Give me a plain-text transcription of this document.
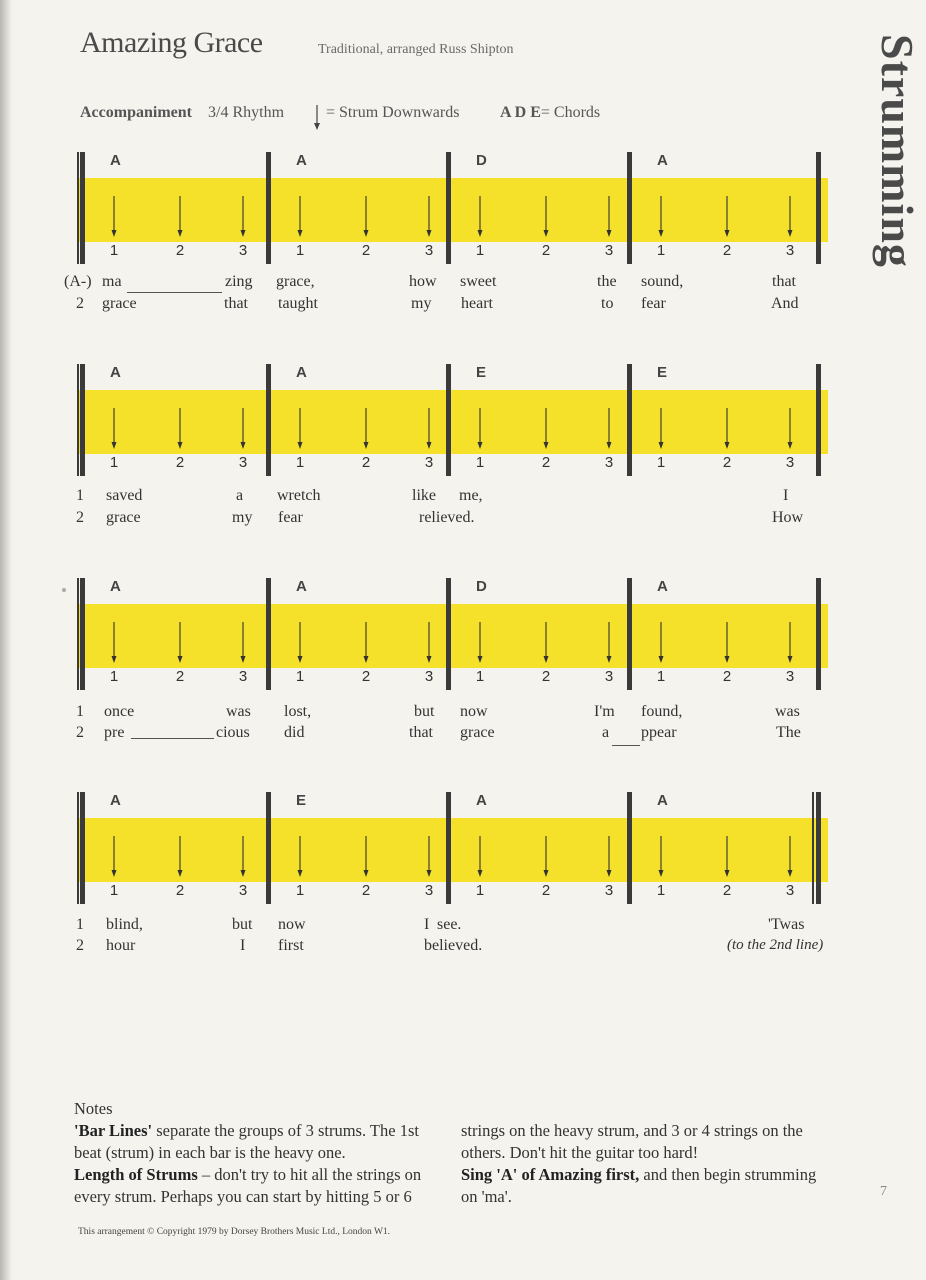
Amazing Grace	Traditional, arranged Russ Shipton	Strumming
Accompaniment 3/4 Rhythm	= Strum Downwards	A D E= Chords
A
1	2	3
A
1	2	3
D
1	2	3
A
1	2	3
(A-) ma	zing grace,	how sweet	the sound,	that
2 grace	that taught	my heart	to fear	And
A
1	2	3
A
1	2	3
E
1	2	3
E
1	2	3
1 saved	a wretch	like me,	I
2 grace	my fear	relieved.	How
A
1	2	3
A
1	2	3
D
1	2	3
A
1	2	3
1 once	was lost,	but now	I'm found,	was
2 pre	cious did	that grace	a ppear	The
A
1	2	3
E
1	2	3
A
1	2	3
A
1	2	3
1 blind,	but now	I see.	'Twas
2 hour	I first	believed.	(to the 2nd line)
Notes
'Bar Lines' separate the groups of 3 strums. The 1st beat (strum) in each bar is the heavy one.
Length of Strums – don't try to hit all the strings on every strum. Perhaps you can start by hitting 5 or 6
strings on the heavy strum, and 3 or 4 strings on the others. Don't hit the guitar too hard!
Sing 'A' of Amazing first, and then begin strumming on 'ma'.
This arrangement © Copyright 1979 by Dorsey Brothers Music Ltd., London W1.
7
